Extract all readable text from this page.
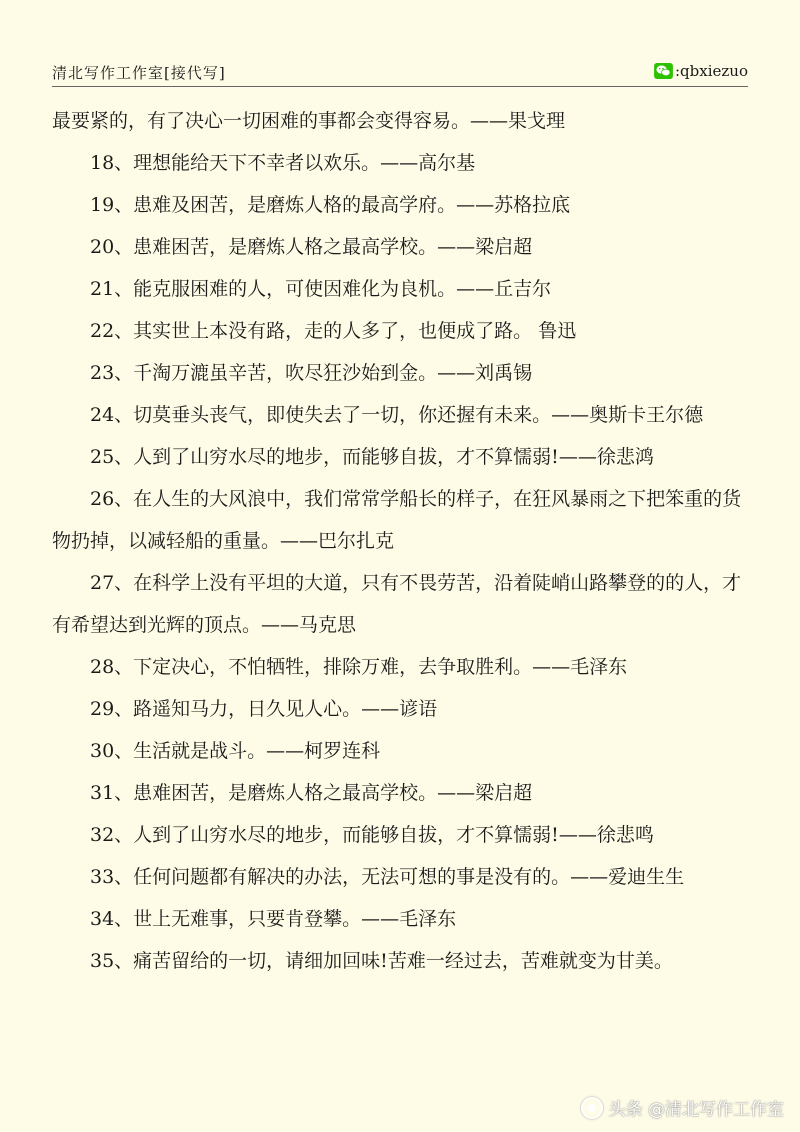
清北写作工作室[接代写]	:qbxiezuo

最要紧的，有了决心一切困难的事都会变得容易。——果戈理

18、理想能给天下不幸者以欢乐。——高尔基

19、患难及困苦，是磨炼人格的最高学府。——苏格拉底

20、患难困苦，是磨炼人格之最高学校。——梁启超

21、能克服困难的人，可使因难化为良机。——丘吉尔

22、其实世上本没有路，走的人多了，也便成了路。 鲁迅

23、千淘万漉虽辛苦，吹尽狂沙始到金。——刘禹锡

24、切莫垂头丧气，即使失去了一切，你还握有未来。——奥斯卡王尔德

25、人到了山穷水尽的地步，而能够自拔，才不算懦弱!——徐悲鸿

26、在人生的大风浪中，我们常常学船长的样子，在狂风暴雨之下把笨重的货物扔掉，以减轻船的重量。——巴尔扎克

27、在科学上没有平坦的大道，只有不畏劳苦，沿着陡峭山路攀登的的人，才有希望达到光辉的顶点。——马克思

28、下定决心，不怕牺牲，排除万难，去争取胜利。——毛泽东

29、路遥知马力，日久见人心。——谚语

30、生活就是战斗。——柯罗连科

31、患难困苦，是磨炼人格之最高学校。——梁启超

32、人到了山穷水尽的地步，而能够自拔，才不算懦弱!——徐悲鸣

33、任何问题都有解决的办法，无法可想的事是没有的。——爱迪生生

34、世上无难事，只要肯登攀。——毛泽东

35、痛苦留给的一切，请细加回味!苦难一经过去，苦难就变为甘美。

头条 @清北写作工作室
